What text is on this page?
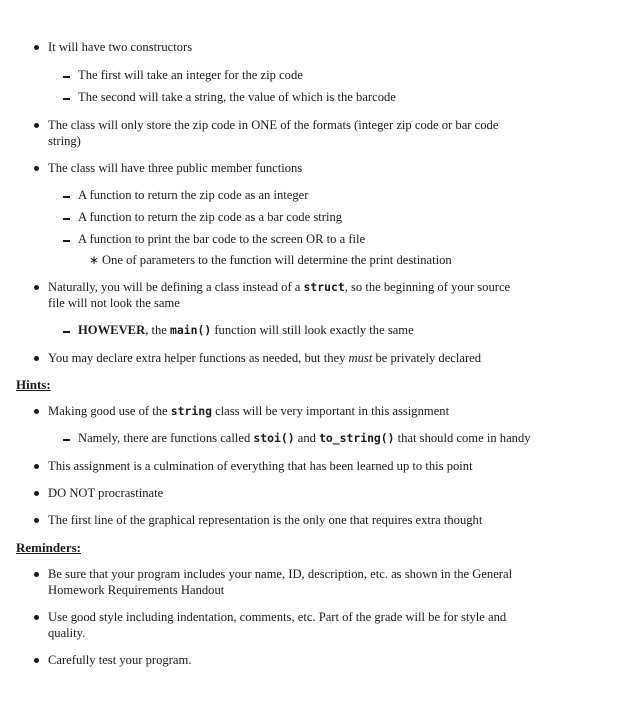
It will have two constructors
The first will take an integer for the zip code
The second will take a string, the value of which is the barcode
The class will only store the zip code in ONE of the formats (integer zip code or bar code
string)
The class will have three public member functions
A function to return the zip code as an integer
A function to return the zip code as a bar code string
A function to print the bar code to the screen OR to a file
∗ One of parameters to the function will determine the print destination
Naturally, you will be defining a class instead of a struct, so the beginning of your source
file will not look the same
HOWEVER, the main() function will still look exactly the same
You may declare extra helper functions as needed, but they must be privately declared
Hints:
Making good use of the string class will be very important in this assignment
Namely, there are functions called stoi() and to_string() that should come in handy
This assignment is a culmination of everything that has been learned up to this point
DO NOT procrastinate
The first line of the graphical representation is the only one that requires extra thought
Reminders:
Be sure that your program includes your name, ID, description, etc. as shown in the General
Homework Requirements Handout
Use good style including indentation, comments, etc. Part of the grade will be for style and
quality.
Carefully test your program.
